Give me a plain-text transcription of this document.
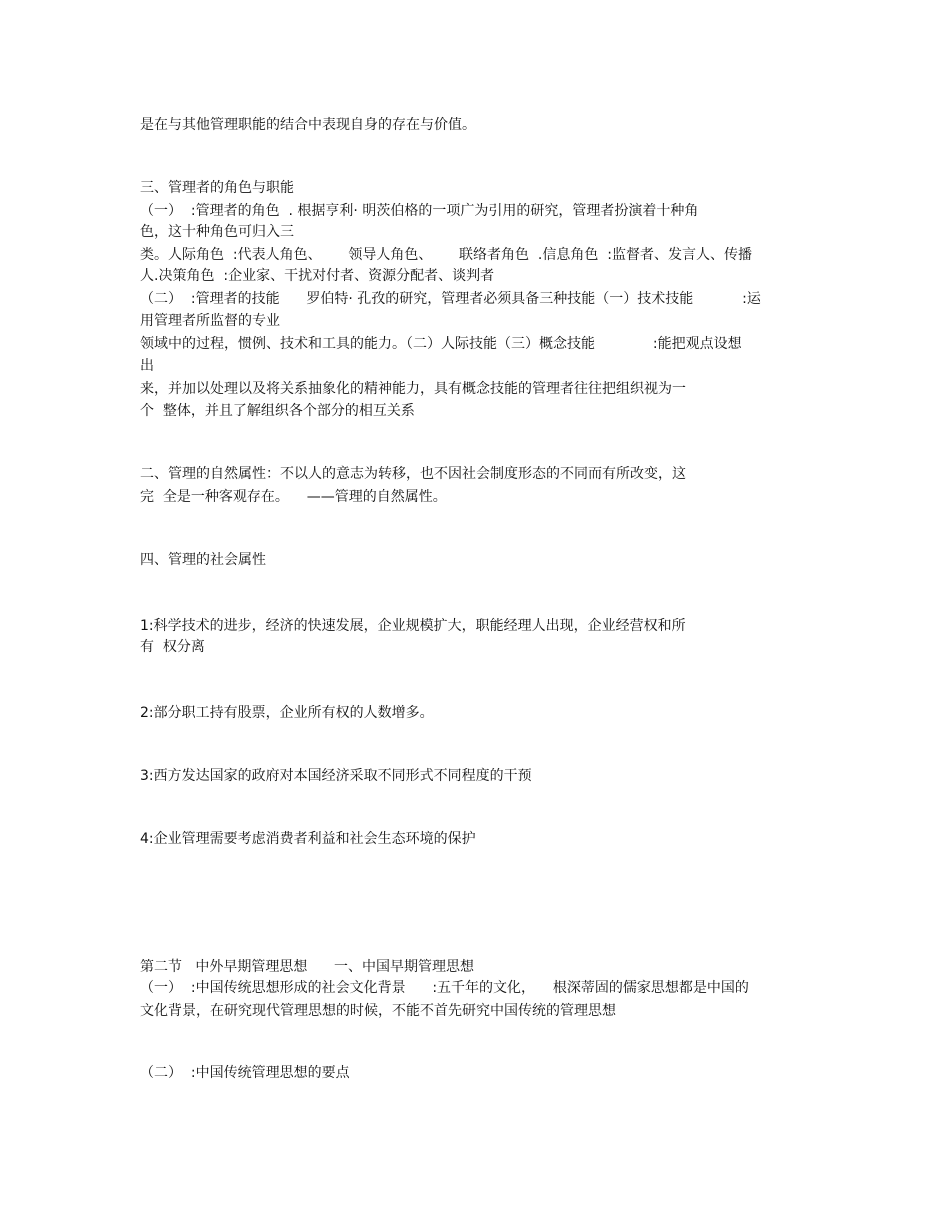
是在与其他管理职能的结合中表现自身的存在与价值。

三、管理者的角色与职能

（一）  :管理者的角色  . 根据亨利· 明茨伯格的一项广为引用的研究，管理者扮演着十种角

色，这十种角色可归入三

类。人际角色  :代表人角色、      领导人角色、      联络者角色  .信息角色  :监督者、发言人、传播

人.决策角色  :企业家、干扰对付者、资源分配者、谈判者

（二）  :管理者的技能      罗伯特· 孔孜的研究，管理者必须具备三种技能（一）技术技能           :运

用管理者所监督的专业

领域中的过程，惯例、技术和工具的能力。（二）人际技能（三）概念技能             :能把观点设想

出

来，并加以处理以及将关系抽象化的精神能力，具有概念技能的管理者往往把组织视为一

个  整体，并且了解组织各个部分的相互关系

二、管理的自然属性：不以人的意志为转移，也不因社会制度形态的不同而有所改变，这

完  全是一种客观存在。    ——管理的自然属性。

四、管理的社会属性

1:科学技术的进步，经济的快速发展，企业规模扩大，职能经理人出现，企业经营权和所

有  权分离

2:部分职工持有股票，企业所有权的人数增多。

3:西方发达国家的政府对本国经济采取不同形式不同程度的干预

4:企业管理需要考虑消费者利益和社会生态环境的保护

第二节   中外早期管理思想      一、中国早期管理思想

（一）  :中国传统思想形成的社会文化背景      :五千年的文化，    根深蒂固的儒家思想都是中国的

文化背景，在研究现代管理思想的时候，不能不首先研究中国传统的管理思想

（二）  :中国传统管理思想的要点
